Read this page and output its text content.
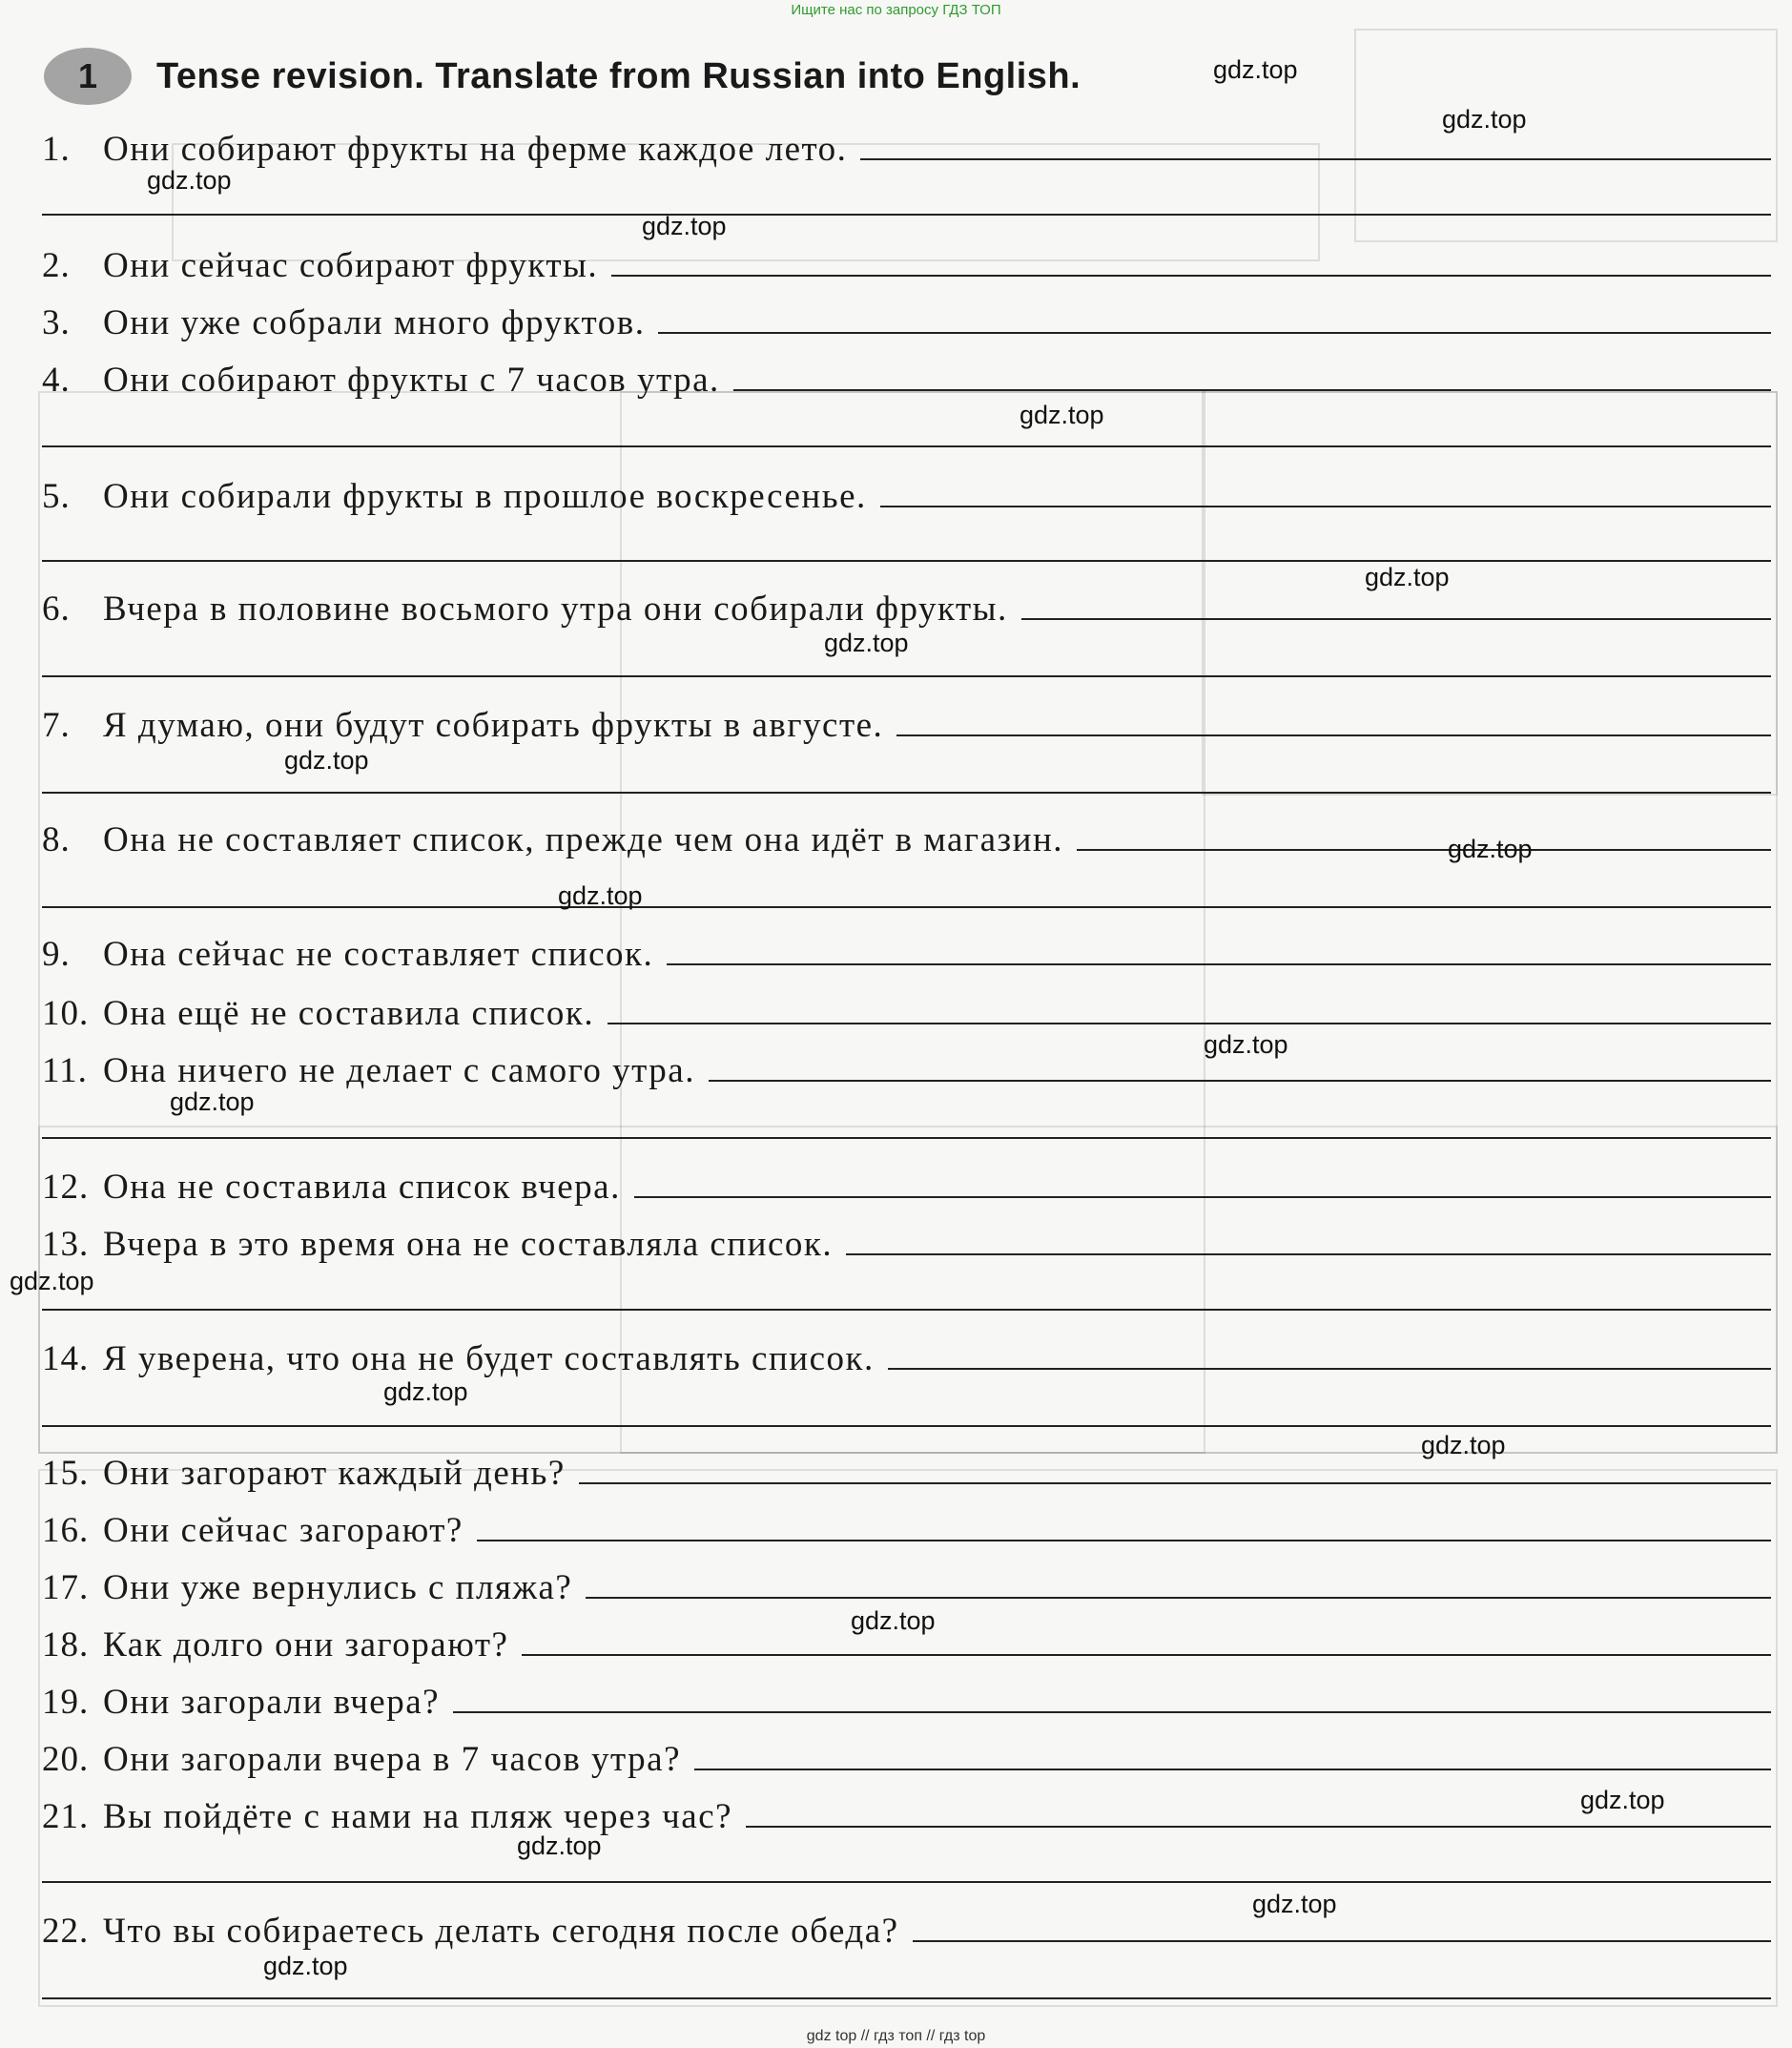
Ищите нас по запросу ГДЗ ТОП
1	Tense revision. Translate from Russian into English.
1. Они собирают фрукты на ферме каждое лето.
2. Они сейчас собирают фрукты.
3. Они уже собрали много фруктов.
4. Они собирают фрукты с 7 часов утра.
5. Они собирали фрукты в прошлое воскресенье.
6. Вчера в половине восьмого утра они собирали фрукты.
7. Я думаю, они будут собирать фрукты в августе.
8. Она не составляет список, прежде чем она идёт в магазин.
9. Она сейчас не составляет список.
10. Она ещё не составила список.
11. Она ничего не делает с самого утра.
12. Она не составила список вчера.
13. Вчера в это время она не составляла список.
14. Я уверена, что она не будет составлять список.
15. Они загорают каждый день?
16. Они сейчас загорают?
17. Они уже вернулись с пляжа?
18. Как долго они загорают?
19. Они загорали вчера?
20. Они загорали вчера в 7 часов утра?
21. Вы пойдёте с нами на пляж через час?
22. Что вы собираетесь делать сегодня после обеда?
gdz.top
gdz.top
gdz.top
gdz.top
gdz.top
gdz.top
gdz.top
gdz.top
gdz.top
gdz.top
gdz.top
gdz.top
gdz.top
gdz.top
gdz.top
gdz.top
gdz.top
gdz.top
gdz.top
gdz.top
gdz top // гдз топ // гдз top
